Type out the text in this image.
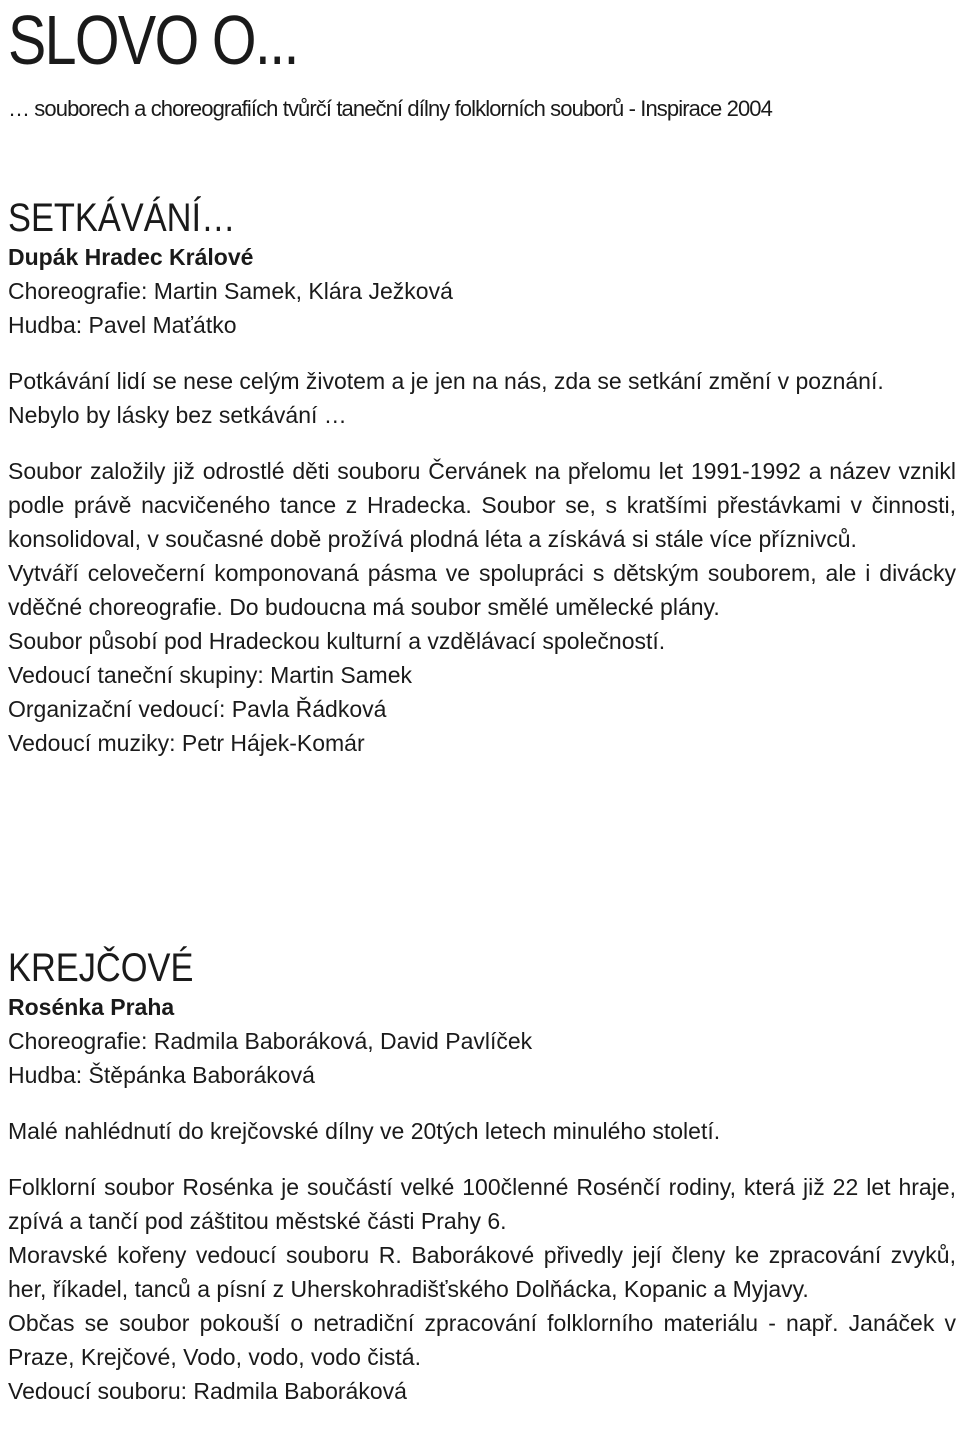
SLOVO O...
… souborech a choreografiích tvůrčí taneční dílny folklorních souborů - Inspirace 2004
SETKÁVÁNÍ…
Dupák Hradec Králové
Choreografie: Martin Samek, Klára Ježková
Hudba: Pavel Maťátko
Potkávání lidí se nese celým životem a je jen na nás, zda se setkání změní v poznání.
Nebylo by lásky bez setkávání …
Soubor založily již odrostlé děti souboru Červánek na přelomu let 1991-1992 a název vznikl podle právě nacvičeného tance z Hradecka. Soubor se, s kratšími přestávkami v činnosti, konsolidoval, v současné době prožívá plodná léta a získává si stále více příznivců.
Vytváří celovečerní komponovaná pásma ve spolupráci s dětským souborem, ale i divácky vděčné choreografie. Do budoucna má soubor smělé umělecké plány.
Soubor působí pod Hradeckou kulturní a vzdělávací společností.
Vedoucí taneční skupiny: Martin Samek
Organizační vedoucí: Pavla Řádková
Vedoucí muziky: Petr Hájek-Komár
KREJČOVÉ
Rosénka Praha
Choreografie: Radmila Baboráková, David Pavlíček
Hudba: Štěpánka Baboráková
Malé nahlédnutí do krejčovské dílny ve 20tých letech minulého století.
Folklorní soubor Rosénka je součástí velké 100členné Rosénčí rodiny, která již 22 let hraje, zpívá a tančí pod záštitou městské části Prahy 6.
Moravské kořeny vedoucí souboru R. Baborákové přivedly její členy ke zpracování zvyků, her, říkadel, tanců a písní z Uherskohradišťského Dolňácka, Kopanic a Myjavy.
Občas se soubor pokouší o netradiční zpracování folklorního materiálu - např. Janáček v Praze, Krejčové, Vodo, vodo, vodo čistá.
Vedoucí souboru: Radmila Baboráková
